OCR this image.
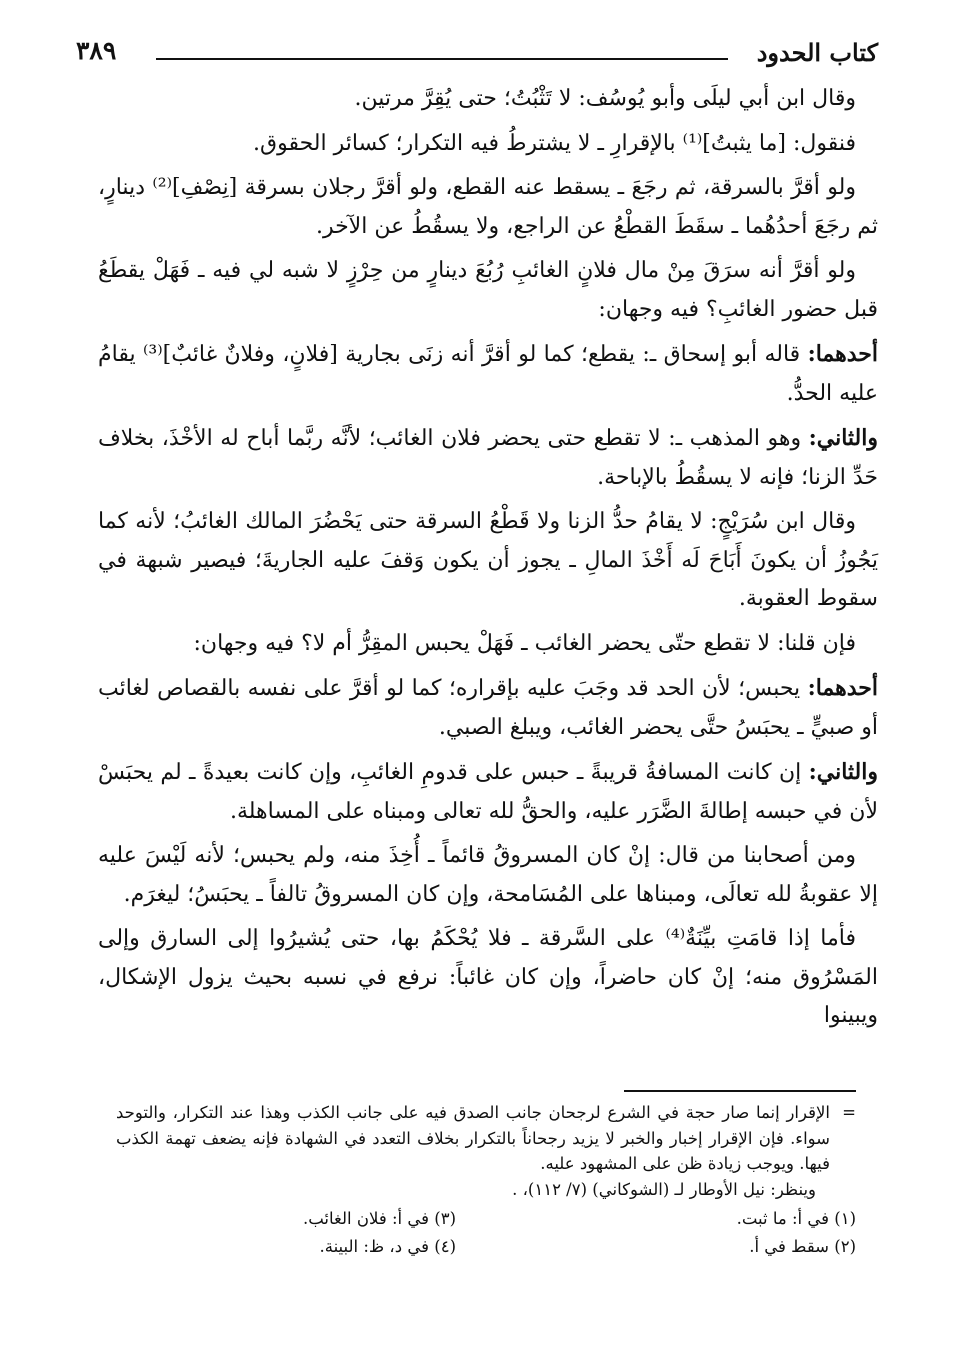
كتاب الحدود
٣٨٩

وقال ابن أبي ليلَى وأبو يُوسُف: لا تَثْبُتُ؛ حتى يُقِرَّ مرتين.

فنقول: [ما يثبتُ]⁽¹⁾ بالإقرارِ ـ لا يشترطُ فيه التكرار؛ كسائر الحقوق.

ولو أقرَّ بالسرقة، ثم رجَعَ ـ يسقط عنه القطع، ولو أقرَّ رجلان بسرقة [نِصْفِ]⁽²⁾ دينارٍ، ثم رجَعَ أحدُهُما ـ سقَطَ القطْعُ عن الراجع، ولا يسقُطُ عن الآخر.

ولو أقرَّ أنه سرَقَ مِنْ مال فلانٍ الغائبِ رُبُعَ دينارٍ من حِرْزٍ لا شبه لي فيه ـ فَهَلْ يقطَعُ قبل حضور الغائبِ؟ فيه وجهان:

أحدهما: قاله أبو إسحاق ـ: يقطع؛ كما لو أقرَّ أنه زنَى بجارية [فلانٍ، وفلانٌ غائبٌ]⁽³⁾ يقامُ عليه الحدُّ.

والثاني: وهو المذهب ـ: لا تقطع حتى يحضر فلان الغائب؛ لأنَّه ربَّما أباح له الأخْذَ، بخلاف حَدِّ الزنا؛ فإنه لا يسقُطُ بالإباحة.

وقال ابن سُرَيْجٍ: لا يقامُ حدُّ الزنا ولا قَطْعُ السرقة حتى يَحْضُرَ المالك الغائبُ؛ لأنه كما يَجُوزُ أن يكونَ أَبَاحَ لَه أَخْذَ المالِ ـ يجوز أن يكون وَقفَ عليه الجاريةَ؛ فيصير شبهة في سقوط العقوبة.

فإن قلنا: لا تقطع حتّى يحضر الغائب ـ فَهَلْ يحبس المقِرُّ أم لا؟ فيه وجهان:

أحدهما: يحبس؛ لأن الحد قد وجَبَ عليه بإقراره؛ كما لو أقرَّ على نفسه بالقصاص لغائب أو صبيٍّ ـ يحبَسُ حتَّى يحضر الغائب، ويبلغ الصبي.

والثاني: إن كانت المسافةُ قريبةً ـ حبس على قدومِ الغائبِ، وإن كانت بعيدةً ـ لم يحبَسْ لأن في حبسه إطالةَ الضَّرَر عليه، والحقُّ لله تعالى ومبناه على المساهلة.

ومن أصحابنا من قال: إنْ كان المسروقُ قائماً ـ أُخِذَ منه، ولم يحبس؛ لأنه لَيْسَ عليه إلا عقوبةُ لله تعالَى، ومبناها على المُسَامحة، وإن كان المسروقُ تالفاً ـ يحبَسُ؛ ليغرَم.

فأما إذا قامَتِ بيِّنَةٌ⁽⁴⁾ على السَّرقة ـ فلا يُحْكَمُ بها، حتى يُشيرُوا إلى السارق وإلى المَسْرُوق منه؛ إنْ كان حاضراً، وإن كان غائباً: نرفع في نسبه بحيث يزول الإشكال، ويبينوا

=
الإقرار إنما صار حجة في الشرع لرجحان جانب الصدق فيه على جانب الكذب وهذا عند التكرار، والتوحد سواء. فإن الإقرار إخبار والخبر لا يزيد رجحاناً بالتكرار بخلاف التعدد في الشهادة فإنه يضعف تهمة الكذب فيها. ويوجب زيادة ظن على المشهود عليه.

وينظر: نيل الأوطار لـ (الشوكاني) (٧/ ١١٢)، .

(١) في أ: ما ثبت.
(٣) في أ: فلان الغائب.
(٢) سقط في أ.
(٤) في د، ظ: البينة.
